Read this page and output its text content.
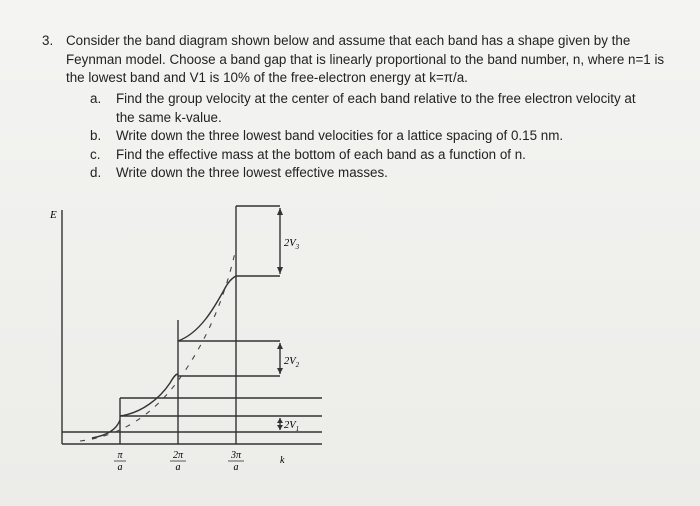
3. Consider the band diagram shown below and assume that each band has a shape given by the Feynman model. Choose a band gap that is linearly proportional to the band number, n, where n=1 is the lowest band and V1 is 10% of the free-electron energy at k=π/a.
a. Find the group velocity at the center of each band relative to the free electron velocity at the same k-value.
b. Write down the three lowest band velocities for a lattice spacing of 0.15 nm.
c. Find the effective mass at the bottom of each band as a function of n.
d. Write down the three lowest effective masses.
E
k
$2V_3$
$2V_2$
$2V_1$
π
a
2π
a
3π
a
